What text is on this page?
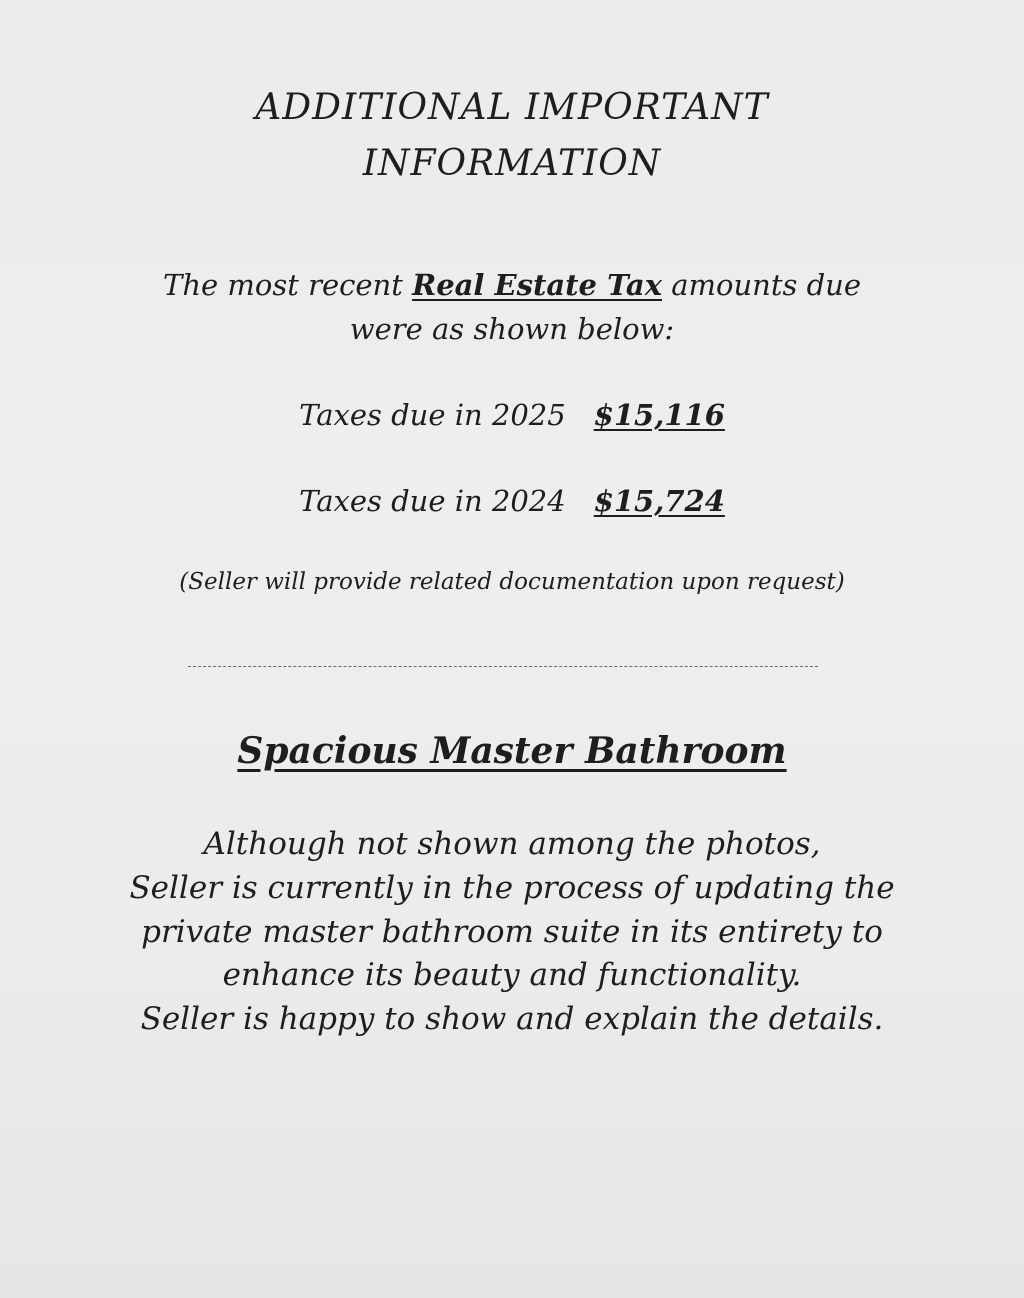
ADDITIONAL IMPORTANT
INFORMATION
The most recent Real Estate Tax amounts due
were as shown below:
Taxes due in 2025 $15,116
Taxes due in 2024 $15,724
(Seller will provide related documentation upon request)
Spacious Master Bathroom
Although not shown among the photos,
Seller is currently in the process of updating the
private master bathroom suite in its entirety to
enhance its beauty and functionality.
Seller is happy to show and explain the details.
